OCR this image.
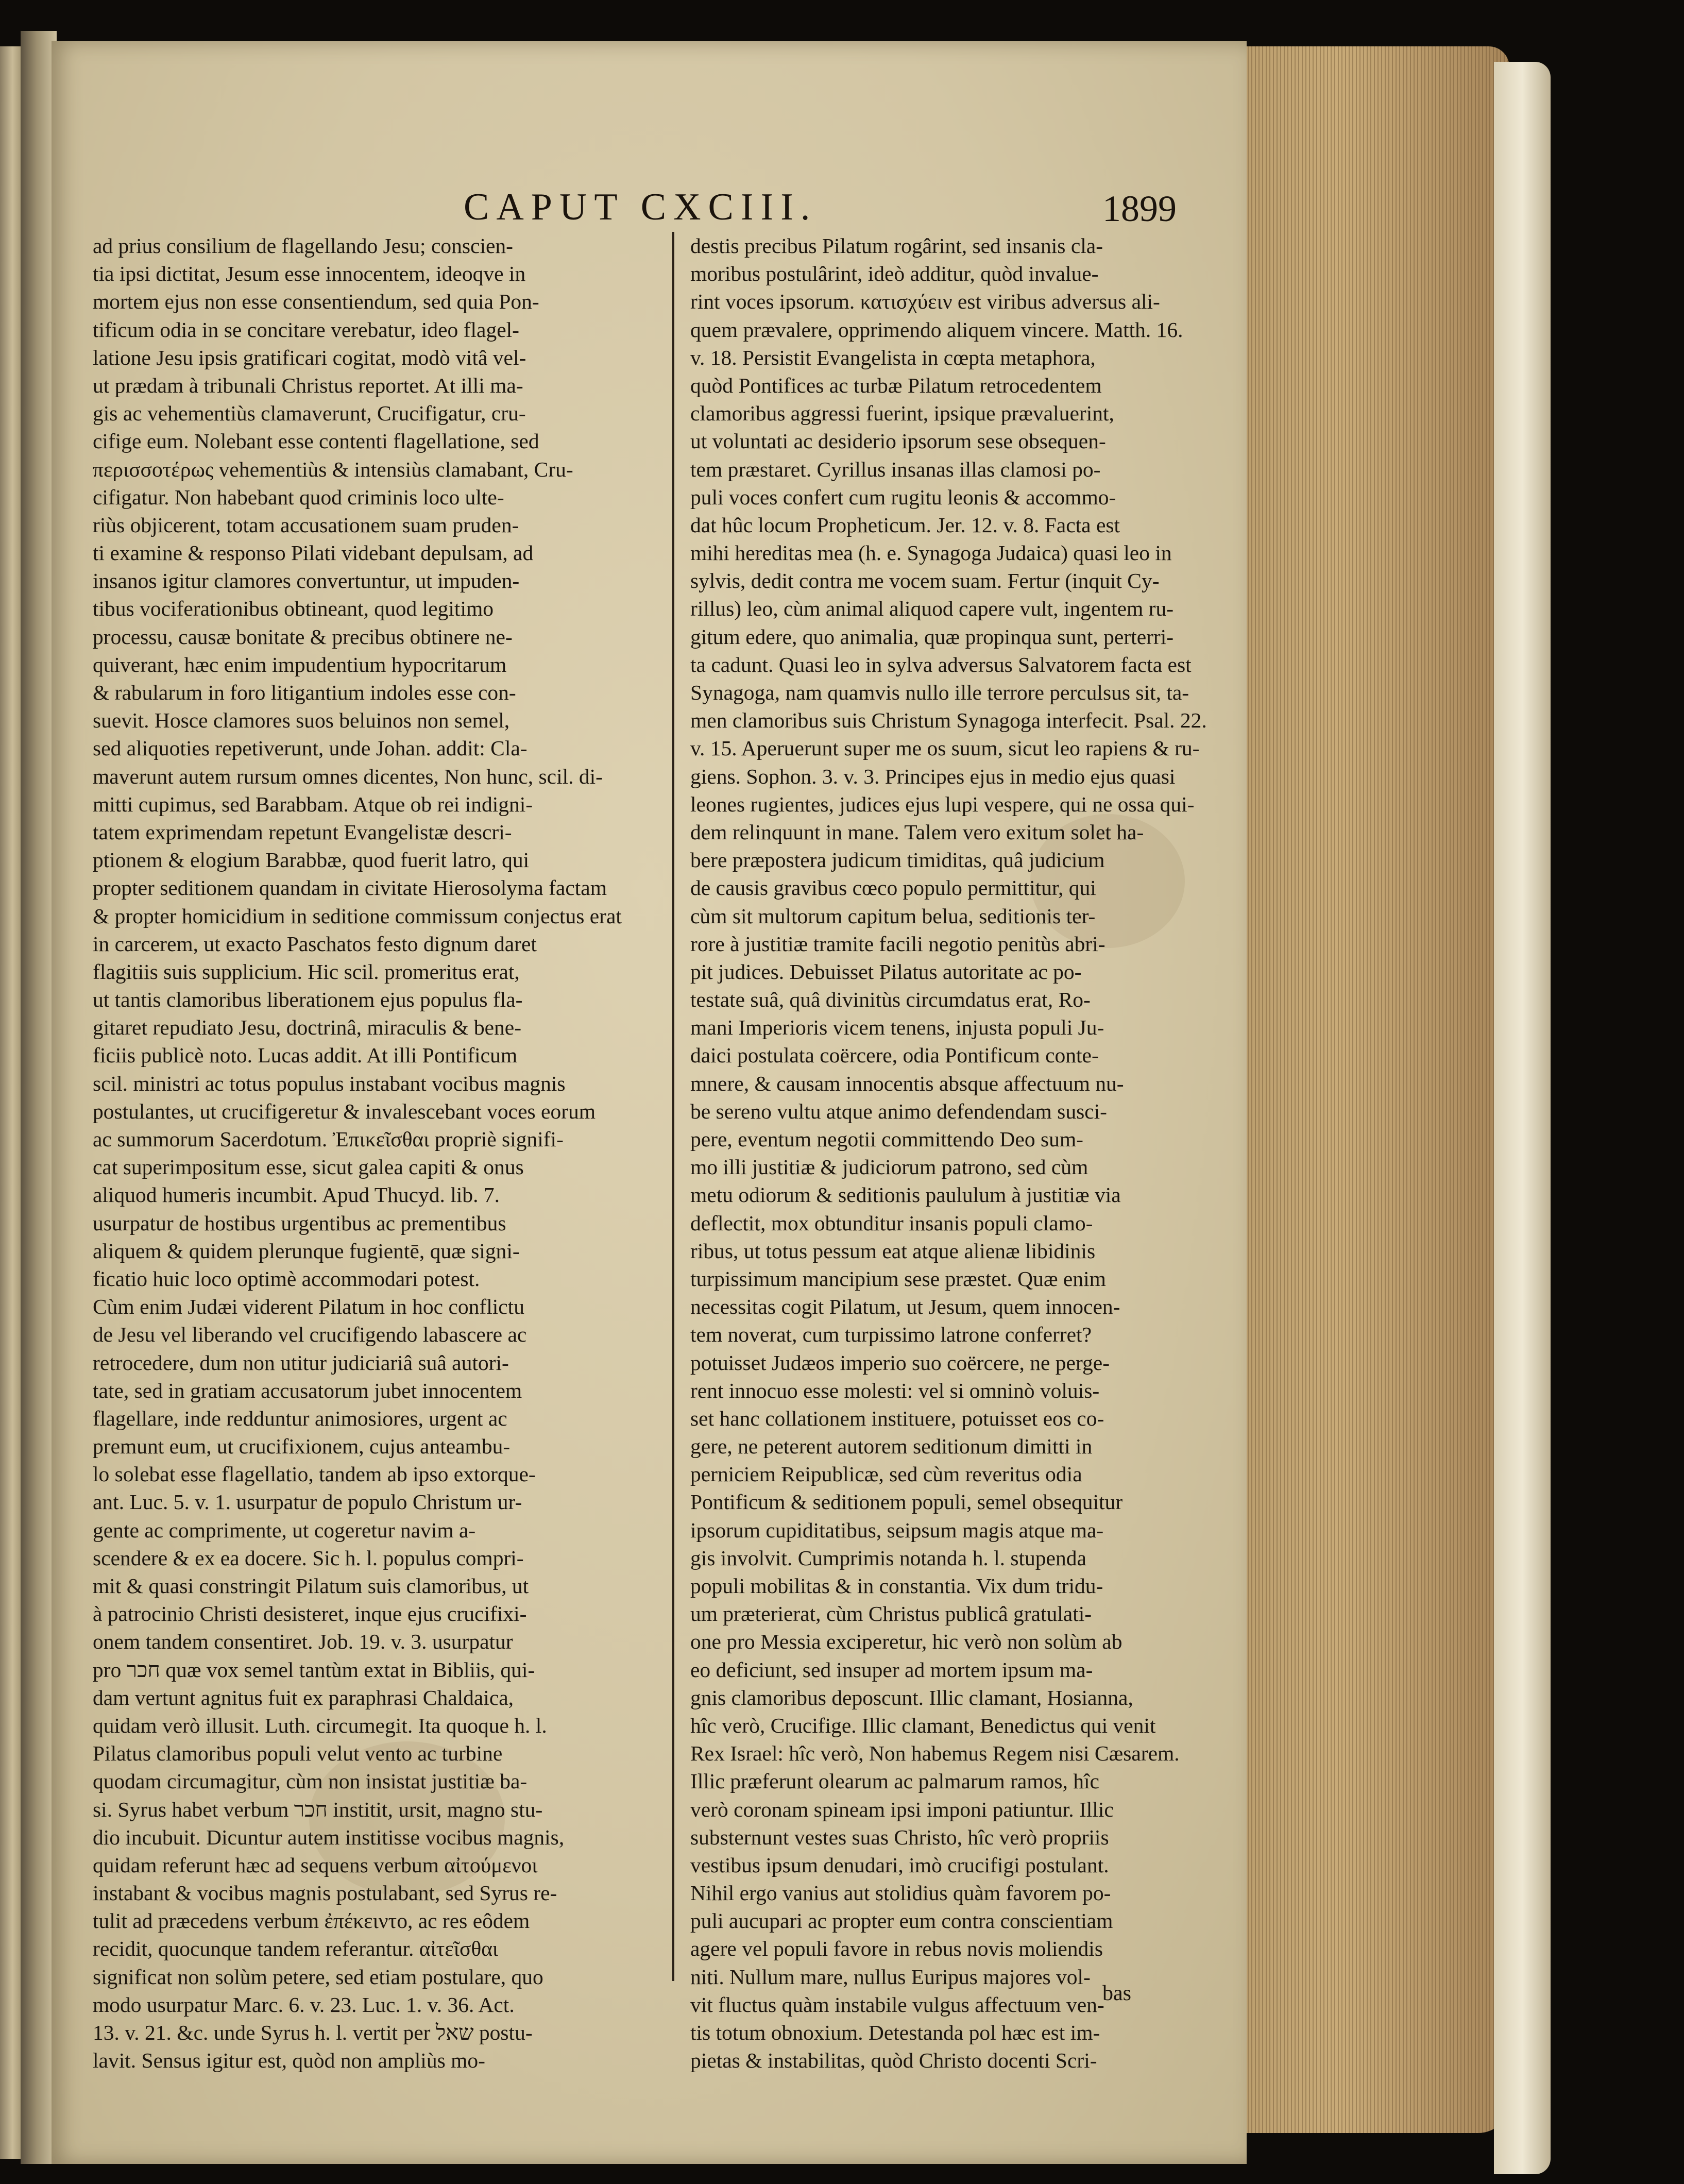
CAPUT CXCIII.	1899
ad prius consilium de flagellando Jesu; conscien-
tia ipsi dictitat, Jesum esse innocentem, ideoqve in
mortem ejus non esse consentiendum, sed quia Pon-
tificum odia in se concitare verebatur, ideo flagel-
latione Jesu ipsis gratificari cogitat, modò vitâ vel-
ut prædam à tribunali Christus reportet. At illi ma-
gis ac vehementiùs clamaverunt, Crucifigatur, cru-
cifige eum. Nolebant esse contenti flagellatione, sed
περισσοτέρως vehementiùs & intensiùs clamabant, Cru-
cifigatur. Non habebant quod criminis loco ulte-
riùs objicerent, totam accusationem suam pruden-
ti examine & responso Pilati videbant depulsam, ad
insanos igitur clamores convertuntur, ut impuden-
tibus vociferationibus obtineant, quod legitimo
processu, causæ bonitate & precibus obtinere ne-
quiverant, hæc enim impudentium hypocritarum
& rabularum in foro litigantium indoles esse con-
suevit. Hosce clamores suos beluinos non semel,
sed aliquoties repetiverunt, unde Johan. addit: Cla-
maverunt autem rursum omnes dicentes, Non hunc, scil. di-
mitti cupimus, sed Barabbam. Atque ob rei indigni-
tatem exprimendam repetunt Evangelistæ descri-
ptionem & elogium Barabbæ, quod fuerit latro, qui
propter seditionem quandam in civitate Hierosolyma factam
& propter homicidium in seditione commissum conjectus erat
in carcerem, ut exacto Paschatos festo dignum daret
flagitiis suis supplicium. Hic scil. promeritus erat,
ut tantis clamoribus liberationem ejus populus fla-
gitaret repudiato Jesu, doctrinâ, miraculis & bene-
ficiis publicè noto. Lucas addit. At illi Pontificum
scil. ministri ac totus populus instabant vocibus magnis
postulantes, ut crucifigeretur & invalescebant voces eorum
ac summorum Sacerdotum. Ἐπικεῖσθαι propriè signifi-
cat superimpositum esse, sicut galea capiti & onus
aliquod humeris incumbit. Apud Thucyd. lib. 7.
usurpatur de hostibus urgentibus ac prementibus
aliquem & quidem plerunque fugientē, quæ signi-
ficatio huic loco optimè accommodari potest.
Cùm enim Judæi viderent Pilatum in hoc conflictu
de Jesu vel liberando vel crucifigendo labascere ac
retrocedere, dum non utitur judiciariâ suâ autori-
tate, sed in gratiam accusatorum jubet innocentem
flagellare, inde redduntur animosiores, urgent ac
premunt eum, ut crucifixionem, cujus anteambu-
lo solebat esse flagellatio, tandem ab ipso extorque-
ant. Luc. 5. v. 1. usurpatur de populo Christum ur-
gente ac comprimente, ut cogeretur navim a-
scendere & ex ea docere. Sic h. l. populus compri-
mit & quasi constringit Pilatum suis clamoribus, ut
à patrocinio Christi desisteret, inque ejus crucifixi-
onem tandem consentiret. Job. 19. v. 3. usurpatur
pro חכר quæ vox semel tantùm extat in Bibliis, qui-
dam vertunt agnitus fuit ex paraphrasi Chaldaica,
quidam verò illusit. Luth. circumegit. Ita quoque h. l.
Pilatus clamoribus populi velut vento ac turbine
quodam circumagitur, cùm non insistat justitiæ ba-
si. Syrus habet verbum חכר institit, ursit, magno stu-
dio incubuit. Dicuntur autem institisse vocibus magnis,
quidam referunt hæc ad sequens verbum αἰτούμενοι
instabant & vocibus magnis postulabant, sed Syrus re-
tulit ad præcedens verbum ἐπέκειντο, ac res eôdem
recidit, quocunque tandem referantur. αἰτεῖσθαι
significat non solùm petere, sed etiam postulare, quo
modo usurpatur Marc. 6. v. 23. Luc. 1. v. 36. Act.
13. v. 21. &c. unde Syrus h. l. vertit per שאל postu-
lavit. Sensus igitur est, quòd non ampliùs mo-
destis precibus Pilatum rogârint, sed insanis cla-
moribus postulârint, ideò additur, quòd invalue-
rint voces ipsorum. κατισχύειν est viribus adversus ali-
quem prævalere, opprimendo aliquem vincere. Matth. 16.
v. 18. Persistit Evangelista in cœpta metaphora,
quòd Pontifices ac turbæ Pilatum retrocedentem
clamoribus aggressi fuerint, ipsique prævaluerint,
ut voluntati ac desiderio ipsorum sese obsequen-
tem præstaret. Cyrillus insanas illas clamosi po-
puli voces confert cum rugitu leonis & accommo-
dat hûc locum Propheticum. Jer. 12. v. 8. Facta est
mihi hereditas mea (h. e. Synagoga Judaica) quasi leo in
sylvis, dedit contra me vocem suam. Fertur (inquit Cy-
rillus) leo, cùm animal aliquod capere vult, ingentem ru-
gitum edere, quo animalia, quæ propinqua sunt, perterri-
ta cadunt. Quasi leo in sylva adversus Salvatorem facta est
Synagoga, nam quamvis nullo ille terrore perculsus sit, ta-
men clamoribus suis Christum Synagoga interfecit. Psal. 22.
v. 15. Aperuerunt super me os suum, sicut leo rapiens & ru-
giens. Sophon. 3. v. 3. Principes ejus in medio ejus quasi
leones rugientes, judices ejus lupi vespere, qui ne ossa qui-
dem relinquunt in mane. Talem vero exitum solet ha-
bere præpostera judicum timiditas, quâ judicium
de causis gravibus cœco populo permittitur, qui
cùm sit multorum capitum belua, seditionis ter-
rore à justitiæ tramite facili negotio penitùs abri-
pit judices. Debuisset Pilatus autoritate ac po-
testate suâ, quâ divinitùs circumdatus erat, Ro-
mani Imperioris vicem tenens, injusta populi Ju-
daici postulata coërcere, odia Pontificum conte-
mnere, & causam innocentis absque affectuum nu-
be sereno vultu atque animo defendendam susci-
pere, eventum negotii committendo Deo sum-
mo illi justitiæ & judiciorum patrono, sed cùm
metu odiorum & seditionis paululum à justitiæ via
deflectit, mox obtunditur insanis populi clamo-
ribus, ut totus pessum eat atque alienæ libidinis
turpissimum mancipium sese præstet. Quæ enim
necessitas cogit Pilatum, ut Jesum, quem innocen-
tem noverat, cum turpissimo latrone conferret?
potuisset Judæos imperio suo coërcere, ne perge-
rent innocuo esse molesti: vel si omninò voluis-
set hanc collationem instituere, potuisset eos co-
gere, ne peterent autorem seditionum dimitti in
perniciem Reipublicæ, sed cùm reveritus odia
Pontificum & seditionem populi, semel obsequitur
ipsorum cupiditatibus, seipsum magis atque ma-
gis involvit. Cumprimis notanda h. l. stupenda
populi mobilitas & in constantia. Vix dum tridu-
um præterierat, cùm Christus publicâ gratulati-
one pro Messia exciperetur, hic verò non solùm ab
eo deficiunt, sed insuper ad mortem ipsum ma-
gnis clamoribus deposcunt. Illic clamant, Hosianna,
hîc verò, Crucifige. Illic clamant, Benedictus qui venit
Rex Israel: hîc verò, Non habemus Regem nisi Cæsarem.
Illic præferunt olearum ac palmarum ramos, hîc
verò coronam spineam ipsi imponi patiuntur. Illic
substernunt vestes suas Christo, hîc verò propriis
vestibus ipsum denudari, imò crucifigi postulant.
Nihil ergo vanius aut stolidius quàm favorem po-
puli aucupari ac propter eum contra conscientiam
agere vel populi favore in rebus novis moliendis
niti. Nullum mare, nullus Euripus majores vol-
vit fluctus quàm instabile vulgus affectuum ven-
tis totum obnoxium. Detestanda pol hæc est im-
pietas & instabilitas, quòd Christo docenti Scri-
bas
